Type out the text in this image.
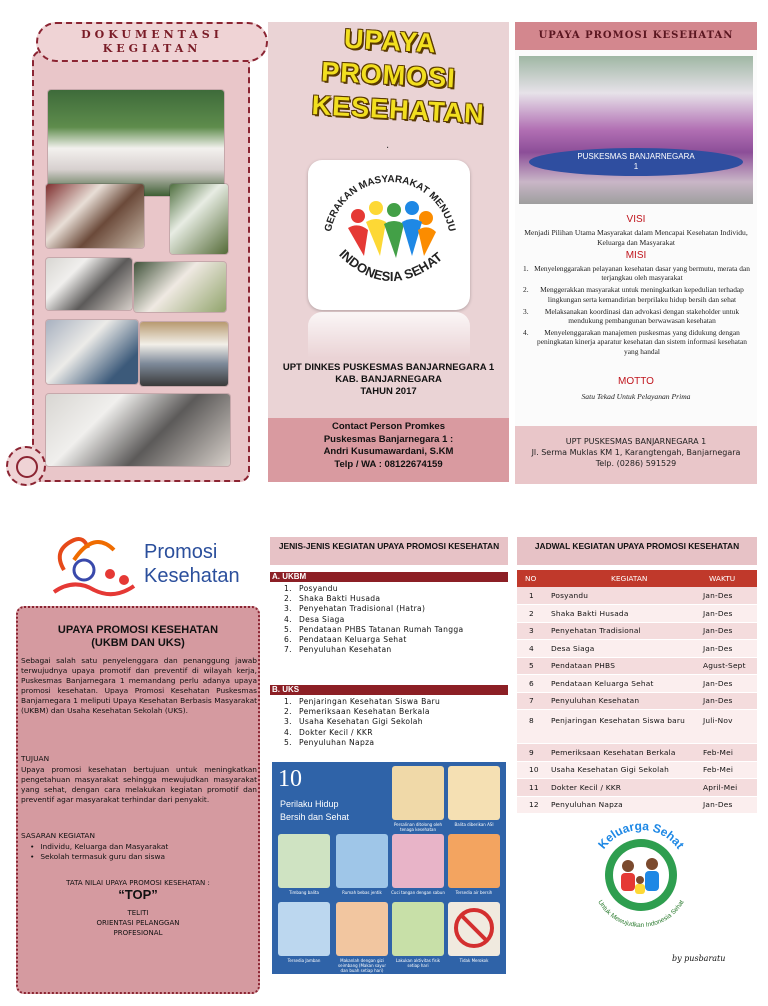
DOKUMENTASI KEGIATAN	UPAYA PROMOSI KESEHATAN
.
GERAKAN MASYARAKAT MENUJU
INDONESIA SEHAT
UPT DINKES PUSKESMAS BANJARNEGARA 1
KAB. BANJARNEGARA
TAHUN 2017
Contact Person Promkes
Puskesmas Banjarnegara 1 :
Andri Kusumawardani, S.KM
Telp / WA : 08122674159
UPAYA PROMOSI KESEHATAN
PUSKESMAS BANJARNEGARA
1
VISI
Menjadi Pilihan Utama Masyarakat dalam Mencapai Kesehatan Individu, Keluarga dan Masyarakat
MISI
1. Menyelenggarakan pelayanan kesehatan dasar yang bermutu, merata dan terjangkau oleh masyarakat
2. Menggerakkan masyarakat untuk meningkatkan kepedulian terhadap lingkungan serta kemandirian berprilaku hidup bersih dan sehat
3. Melaksanakan koordinasi dan advokasi dengan stakeholder untuk mendukung pembangunan berwawasan kesehatan
4. Menyelenggarakan manajemen puskesmas yang didukung dengan peningkatan kinerja aparatur kesehatan dan sistem informasi kesehatan yang handal
MOTTO
Satu Tekad Untuk Pelayanan Prima
UPT PUSKESMAS BANJARNEGARA 1
Jl. Serma Muklas KM 1, Karangtengah, Banjarnegara
Telp. (0286) 591529
Promosi
Kesehatan
UPAYA PROMOSI KESEHATAN
(UKBM DAN UKS)
Sebagai salah satu penyelenggara dan penanggung jawab terwujudnya upaya promotif dan preventif di wilayah kerja, Puskesmas Banjarnegara 1 memandang perlu adanya upaya promosi kesehatan. Upaya Promosi Kesehatan Puskesmas Banjarnegara 1 meliputi Upaya Kesehatan Berbasis Masyarakat (UKBM) dan Usaha Kesehatan Sekolah (UKS).
TUJUAN
Upaya promosi kesehatan bertujuan untuk meningkatkan pengetahuan masyarakat sehingga mewujudkan masyarakat yang sehat, dengan cara melakukan kegiatan promotif dan preventif agar masyarakat terhindar dari penyakit.
SASARAN KEGIATAN
• Individu, Keluarga dan Masyarakat
• Sekolah termasuk guru dan siswa
TATA NILAI UPAYA PROMOSI KESEHATAN :
“TOP”
TELITI
ORIENTASI PELANGGAN
PROFESIONAL
JENIS-JENIS KEGIATAN UPAYA PROMOSI KESEHATAN
A. UKBM
1. Posyandu
2. Shaka Bakti Husada
3. Penyehatan Tradisional (Hatra)
4. Desa Siaga
5. Pendataan PHBS Tatanan Rumah Tangga
6. Pendataan Keluarga Sehat
7. Penyuluhan Kesehatan
B. UKS
1. Penjaringan Kesehatan Siswa Baru
2. Pemeriksaan Kesehatan Berkala
3. Usaha Kesehatan Gigi Sekolah
4. Dokter Kecil / KKR
5. Penyuluhan Napza
10
Perilaku Hidup
Bersih dan Sehat
Persalinan ditolong oleh tenaga kesehatan
Balita diberikan ASI
Timbang balita	Rumah bebas jentik	Cuci tangan dengan sabun	Tersedia air bersih
Tersedia Jamban	Makanlah dengan gizi seimbang (Makan sayur dan buah setiap hari)
Lakukan aktivitas fisik setiap hari
Tidak Merokok
JADWAL KEGIATAN UPAYA PROMOSI KESEHATAN
NO	KEGIATAN	WAKTU
1	Posyandu	Jan-Des
2	Shaka Bakti Husada	Jan-Des
3	Penyehatan Tradisional	Jan-Des
4	Desa Siaga	Jan-Des
5	Pendataan PHBS	Agust-Sept
6	Pendataan Keluarga Sehat	Jan-Des
7	Penyuluhan Kesehatan	Jan-Des
8	Penjaringan Kesehatan Siswa baru	Juli-Nov
9	Pemeriksaan Kesehatan Berkala	Feb-Mei
10	Usaha Kesehatan Gigi Sekolah	Feb-Mei
11	Dokter Kecil / KKR	April-Mei
12	Penyuluhan Napza	Jan-Des
Keluarga Sehat
Untuk Mewujudkan Indonesia Sehat
by pusbaratu
